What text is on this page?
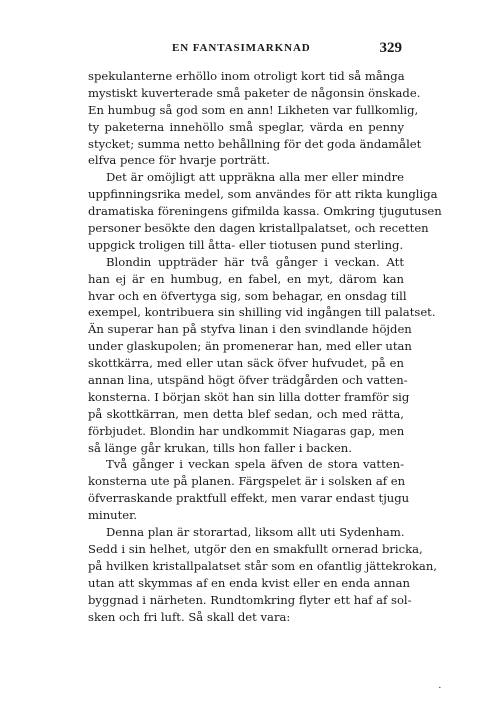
EN FANTASIMARKNAD	329
spekulanterne erhöllo inom otroligt kort tid så många
mystiskt kuverterade små paketer de någonsin önskade.
En humbug så god som en ann! Likheten var fullkomlig,
ty paketerna innehöllo små speglar, värda en penny
stycket; summa netto behållning för det goda ändamålet
elfva pence för hvarje porträtt.
Det är omöjligt att uppräkna alla mer eller mindre
uppfinningsrika medel, som användes för att rikta kungliga
dramatiska föreningens gifmilda kassa. Omkring tjugutusen
personer besökte den dagen kristallpalatset, och recetten
uppgick troligen till åtta- eller tiotusen pund sterling.
Blondin uppträder här två gånger i veckan. Att
han ej är en humbug, en fabel, en myt, därom kan
hvar och en öfvertyga sig, som behagar, en onsdag till
exempel, kontribuera sin shilling vid ingången till palatset.
Än superar han på styfva linan i den svindlande höjden
under glaskupolen; än promenerar han, med eller utan
skottkärra, med eller utan säck öfver hufvudet, på en
annan lina, utspänd högt öfver trädgården och vatten-
konsterna. I början sköt han sin lilla dotter framför sig
på skottkärran, men detta blef sedan, och med rätta,
förbjudet. Blondin har undkommit Niagaras gap, men
så länge går krukan, tills hon faller i backen.
Två gånger i veckan spela äfven de stora vatten-
konsterna ute på planen. Färgspelet är i solsken af en
öfverraskande praktfull effekt, men varar endast tjugu
minuter.
Denna plan är storartad, liksom allt uti Sydenham.
Sedd i sin helhet, utgör den en smakfullt ornerad bricka,
på hvilken kristallpalatset står som en ofantlig jättekrokan,
utan att skymmas af en enda kvist eller en enda annan
byggnad i närheten. Rundtomkring flyter ett haf af sol-
sken och fri luft. Så skall det vara:
·
